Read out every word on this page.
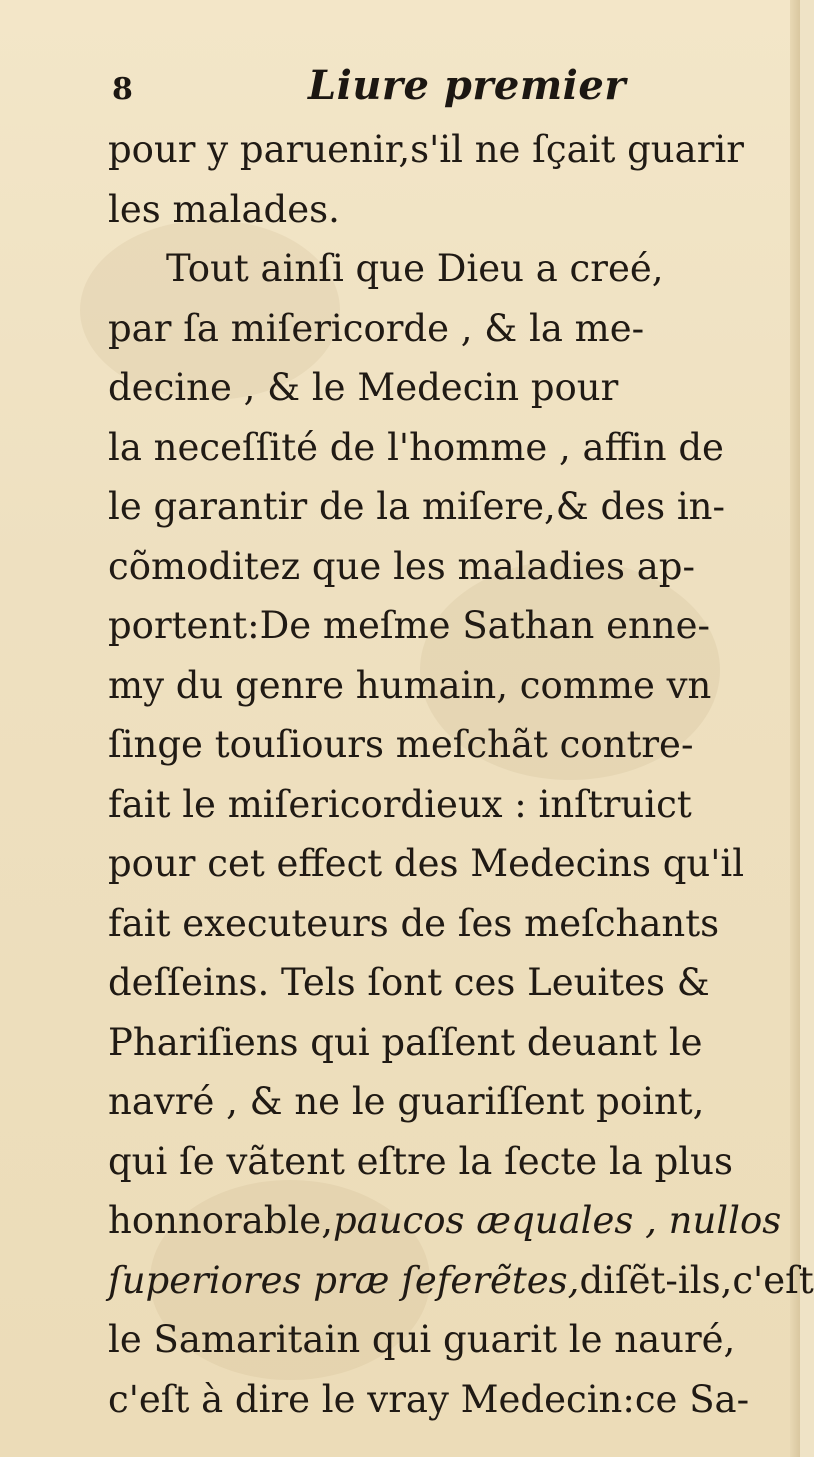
8	Liure premier
pour y paruenir,s'il ne ſçait guarir
les malades.
Tout ainſi que Dieu a creé,
par ſa miſericorde , & la me-
decine , & le Medecin pour
la neceſſité de l'homme , affin de
le garantir de la miſere,& des in-
cõmoditez que les maladies ap-
portent:De meſme Sathan enne-
my du genre humain, comme vn
ſinge touſiours meſchãt contre-
fait le miſericordieux : inſtruict
pour cet effect des Medecins qu'il
fait executeurs de ſes meſchants
deſſeins. Tels ſont ces Leuites &
Phariſiens qui paſſent deuant le
navré , & ne le guariſſent point,
qui ſe vãtent eſtre la ſecte la plus
honnorable,paucos æquales , nullos
ſuperiores præ ſeferẽtes,diſẽt-ils,c'eſt
le Samaritain qui guarit le nauré,
c'eſt à dire le vray Medecin:ce Sa-
